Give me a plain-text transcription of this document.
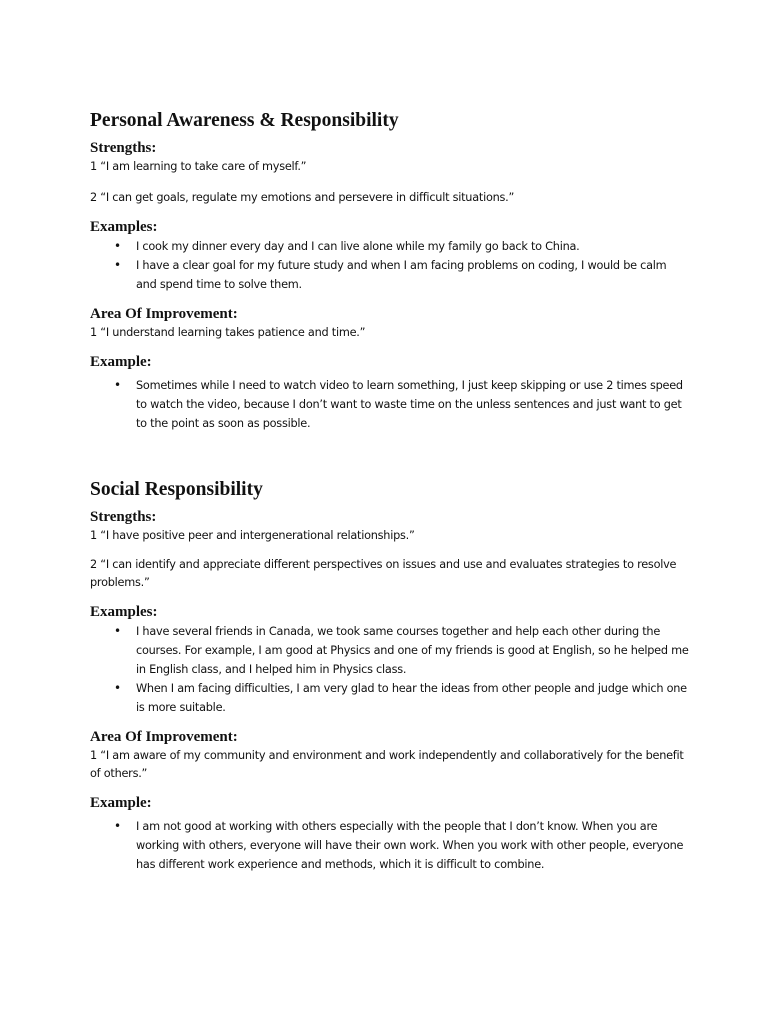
Personal Awareness & Responsibility
Strengths:

1 “I am learning to take care of myself.”

2 “I can get goals, regulate my emotions and persevere in difficult situations.”

Examples:
• I cook my dinner every day and I can live alone while my family go back to China.
• I have a clear goal for my future study and when I am facing problems on coding, I would be calm and spend time to solve them.
Area Of Improvement:

1 “I understand learning takes patience and time.”

Example:
• Sometimes while I need to watch video to learn something, I just keep skipping or use 2 times speed to watch the video, because I don’t want to waste time on the unless sentences and just want to get to the point as soon as possible.
Social Responsibility
Strengths:

1 “I have positive peer and intergenerational relationships.”

2 “I can identify and appreciate different perspectives on issues and use and evaluates strategies to resolve problems.”

Examples:
• I have several friends in Canada, we took same courses together and help each other during the courses. For example, I am good at Physics and one of my friends is good at English, so he helped me in English class, and I helped him in Physics class.
• When I am facing difficulties, I am very glad to hear the ideas from other people and judge which one is more suitable.
Area Of Improvement:

1 “I am aware of my community and environment and work independently and collaboratively for the benefit of others.”

Example:
• I am not good at working with others especially with the people that I don’t know. When you are working with others, everyone will have their own work. When you work with other people, everyone has different work experience and methods, which it is difficult to combine.
